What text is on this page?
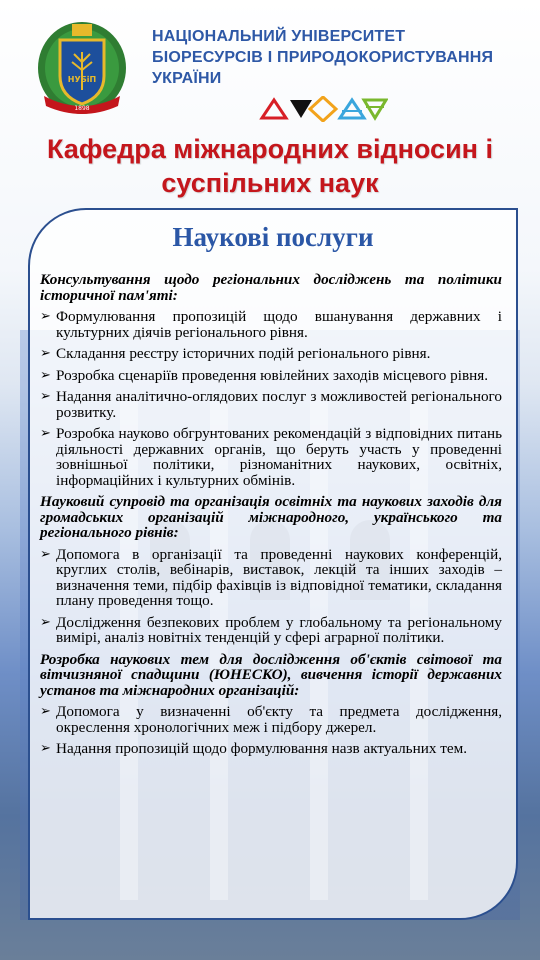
НУБіП
1898
НАЦІОНАЛЬНИЙ УНІВЕРСИТЕТ
БІОРЕСУРСІВ І ПРИРОДОКОРИСТУВАННЯ
УКРАЇНИ
Кафедра міжнародних відносин і
суспільних наук
Наукові послуги

Консультування щодо регіональних досліджень та політики історичної пам'яті:

➢ Формулювання пропозицій щодо вшанування державних і культурних діячів регіонального рівня.
➢ Складання реєстру історичних подій регіонального рівня.
➢ Розробка сценаріїв проведення ювілейних заходів місцевого рівня.
➢ Надання аналітично-оглядових послуг з можливостей регіонального розвитку.
➢ Розробка науково обгрунтованих рекомендацій з відповідних питань діяльності державних органів, що беруть участь у проведенні зовнішньої політики, різноманітних наукових, освітніх, інформаційних і культурних обмінів.

Науковий супровід та організація освітніх та наукових заходів для громадських організацій міжнародного, українського та регіонального рівнів:

➢ Допомога в організації та проведенні наукових конференцій, круглих столів, вебінарів, виставок, лекцій та інших заходів – визначення теми, підбір фахівців із відповідної тематики, складання плану проведення тощо.
➢ Дослідження безпекових проблем у глобальному та регіональному вимірі, аналіз новітніх тенденцій у сфері аграрної політики.

Розробка наукових тем для дослідження об'єктів світової та вітчизняної спадщини (ЮНЕСКО), вивчення історії державних установ та міжнародних організацій:

➢ Допомога у визначенні об'єкту та предмета дослідження, окреслення хронологічних меж і підбору джерел.
➢ Надання пропозицій щодо формулювання назв актуальних тем.
